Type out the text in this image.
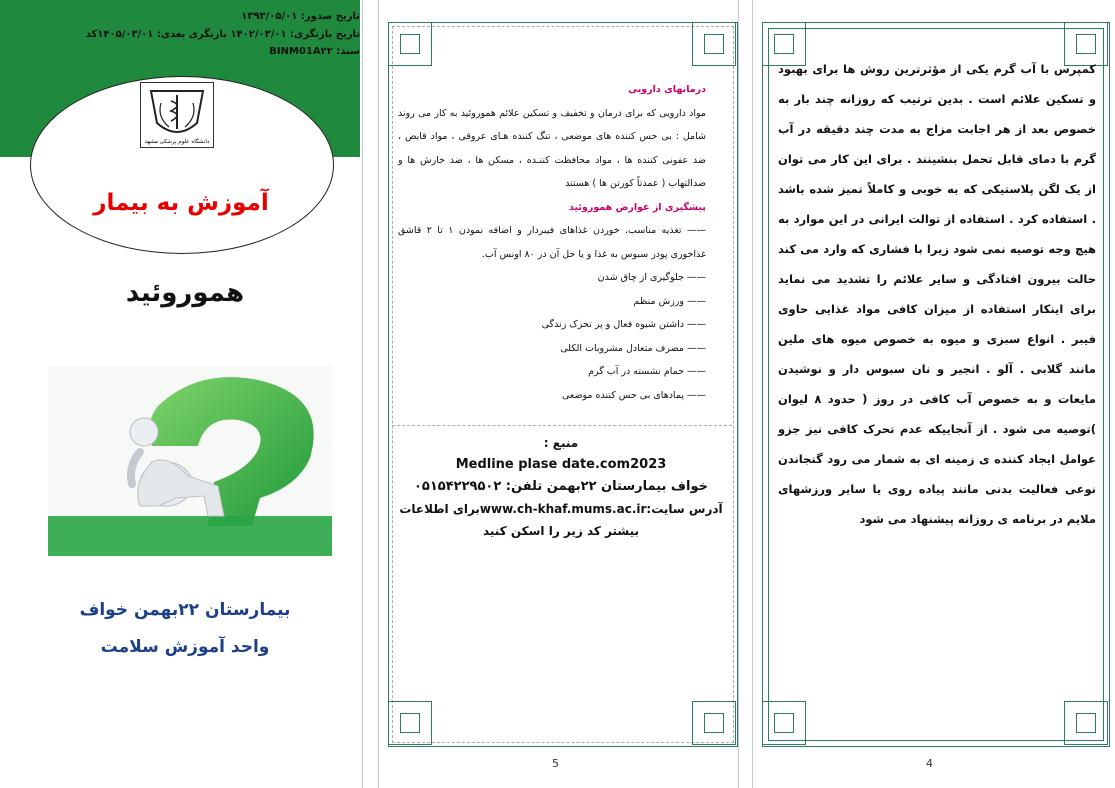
تاریخ صدور: ۱۳۹۳/۰۵/۰۱
تاریخ بازنگری: ۱۴۰۲/۰۳/۰۱ بازنگری بعدی: ۱۴۰۵/۰۳/۰۱کد
سند: BINM01A۲۲
دانشگاه علوم پزشکی مشهد
آموزش به بیمار
هموروئید
بیمارستان ۲۲بهمن خواف
واحد آموزش سلامت
درمانهای دارویی
مواد دارویی که برای درمان و تخفیف و تسکین علائم هموروئید به کار می روند شامل : بی حس کننده های موضعی ، تنگ کننده هـای عروقی ، مواد قابض ، ضد عفونی کننده ها ، مواد محافظت کننـده ، مسکن ها ، ضد خارش ها و ضدالتهاب ( عمدتاً کورتن ها ) هستند
پیشگیری از عوارض هموروئید
—— تغذیه مناسب. خوردن غذاهای فیبردار و اضافه نمودن ۱ تا ۲ قاشق غذاخوری پودر سبوس به غذا و یا حل آن در ۸۰ اونس آب.
—— جلوگیری از چاق شدن
—— ورزش منظم
—— داشتن شیوه فعال و پر تحرک زندگی
—— مصرف متعادل مشروبات الکلی
—— حمام نشسته در آب گرم
—— پمادهای بی حس کننده موضعی
منبع :
Medline plase date.com2023
خواف بیمارستان ۲۲بهمن تلفن: ۰۵۱۵۴۲۲۹۵۰۲
آدرس سایت:www.ch-khaf.mums.ac.irبرای اطلاعات
بیشتر کد زیر را اسکن کنید
5
کمپرس با آب گرم یکی از مؤثرترین روش ها برای بهبود و تسکین علائم است . بدین ترتیب که روزانه چند بار به خصوص بعد از هر اجابت مزاج به مدت چند دقیقه در آب گرم با دمای قابل تحمل بنشینند . برای این کار می توان از یک لگن پلاستیکی که به خوبی و کاملاً تمیز شده باشد . استفاده کرد . استفاده از توالت ایرانی در این موارد به هیچ وجه توصیه نمی شود زیرا با فشاری که وارد می کند حالت بیرون افتادگی و سایر علائم را تشدید می نماید برای اینکار استفاده از میزان کافی مواد غذایی حاوی فیبر . انواع سبزی و میوه به خصوص میوه های ملین مانند گلابی . آلو . انجیر و نان سبوس دار و نوشیدن مایعات و به خصوص آب کافی در روز ( حدود ۸ لیوان )توصیه می شود . از آنجاییکه عدم تحرک کافی نیز جزو عوامل ایجاد کننده ی زمینه ای به شمار می رود گنجاندن نوعی فعالیت بدنی مانند پیاده روی یا سایر ورزشهای ملایم در برنامه ی روزانه پیشنهاد می شود
4
